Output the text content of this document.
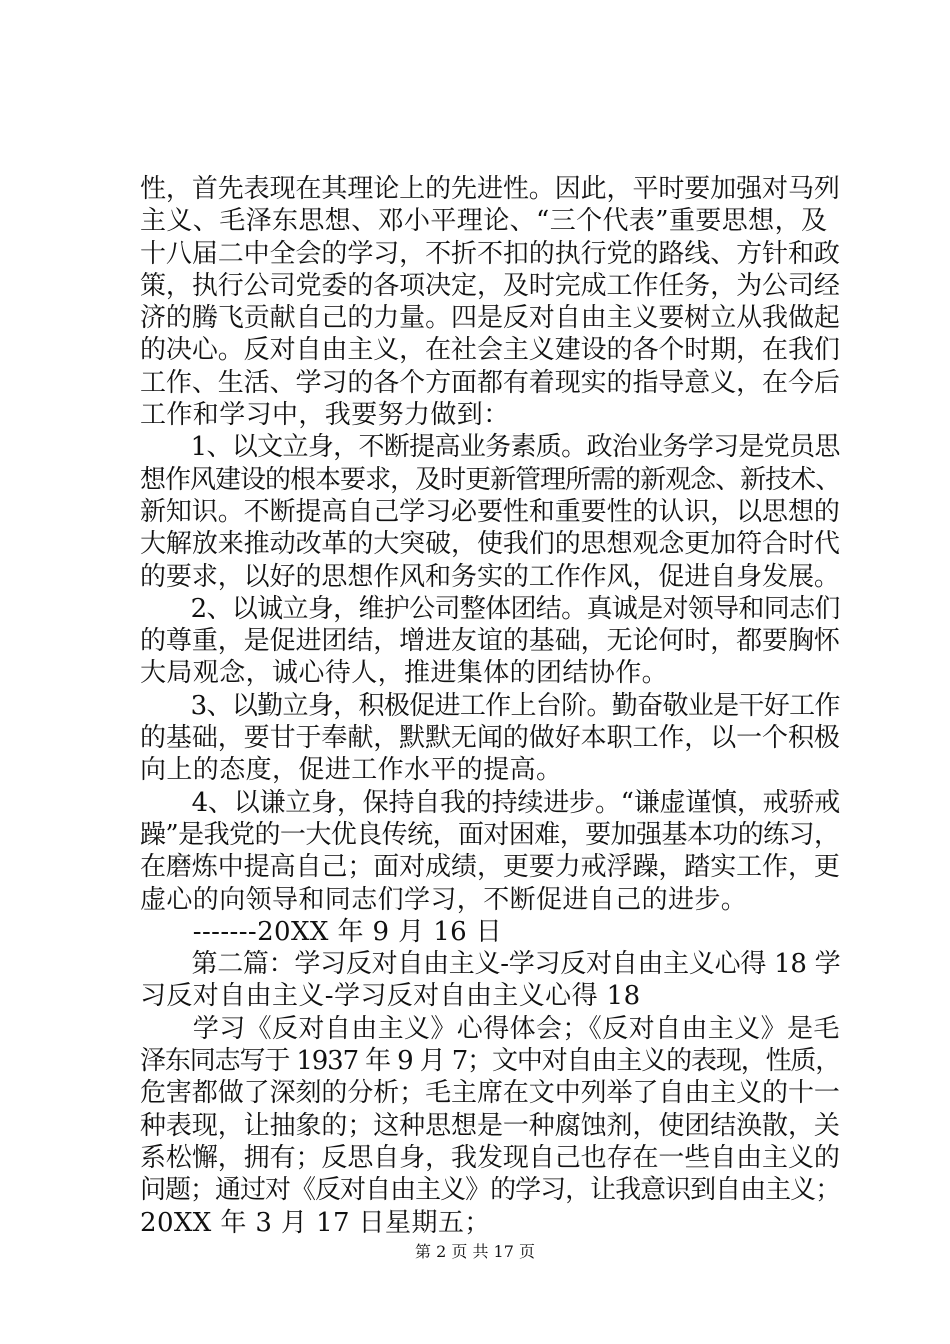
性，首先表现在其理论上的先进性。因此，平时要加强对马列
主义、毛泽东思想、邓小平理论、“三个代表”重要思想，及
十八届二中全会的学习，不折不扣的执行党的路线、方针和政
策，执行公司党委的各项决定，及时完成工作任务，为公司经
济的腾飞贡献自己的力量。四是反对自由主义要树立从我做起
的决心。反对自由主义，在社会主义建设的各个时期，在我们
工作、生活、学习的各个方面都有着现实的指导意义，在今后
工作和学习中，我要努力做到：
　　1、以文立身，不断提高业务素质。政治业务学习是党员思
想作风建设的根本要求，及时更新管理所需的新观念、新技术、
新知识。不断提高自己学习必要性和重要性的认识，以思想的
大解放来推动改革的大突破，使我们的思想观念更加符合时代
的要求，以好的思想作风和务实的工作作风，促进自身发展。
　　2、以诚立身，维护公司整体团结。真诚是对领导和同志们
的尊重，是促进团结，增进友谊的基础，无论何时，都要胸怀
大局观念，诚心待人，推进集体的团结协作。
　　3、以勤立身，积极促进工作上台阶。勤奋敬业是干好工作
的基础，要甘于奉献，默默无闻的做好本职工作，以一个积极
向上的态度，促进工作水平的提高。
　　4、以谦立身，保持自我的持续进步。“谦虚谨慎，戒骄戒
躁”是我党的一大优良传统，面对困难，要加强基本功的练习，
在磨炼中提高自己；面对成绩，更要力戒浮躁，踏实工作，更
虚心的向领导和同志们学习，不断促进自己的进步。
　　-------20XX 年 9 月 16 日
　　第二篇：学习反对自由主义-学习反对自由主义心得 18 学
习反对自由主义-学习反对自由主义心得 18
　　学习《反对自由主义》心得体会；《反对自由主义》是毛
泽东同志写于 1937 年 9 月 7；文中对自由主义的表现，性质，
危害都做了深刻的分析；毛主席在文中列举了自由主义的十一
种表现，让抽象的；这种思想是一种腐蚀剂，使团结涣散，关
系松懈，拥有；反思自身，我发现自己也存在一些自由主义的
问题；通过对《反对自由主义》的学习，让我意识到自由主义；
20XX 年 3 月 17 日星期五；
第 2 页 共 17 页
